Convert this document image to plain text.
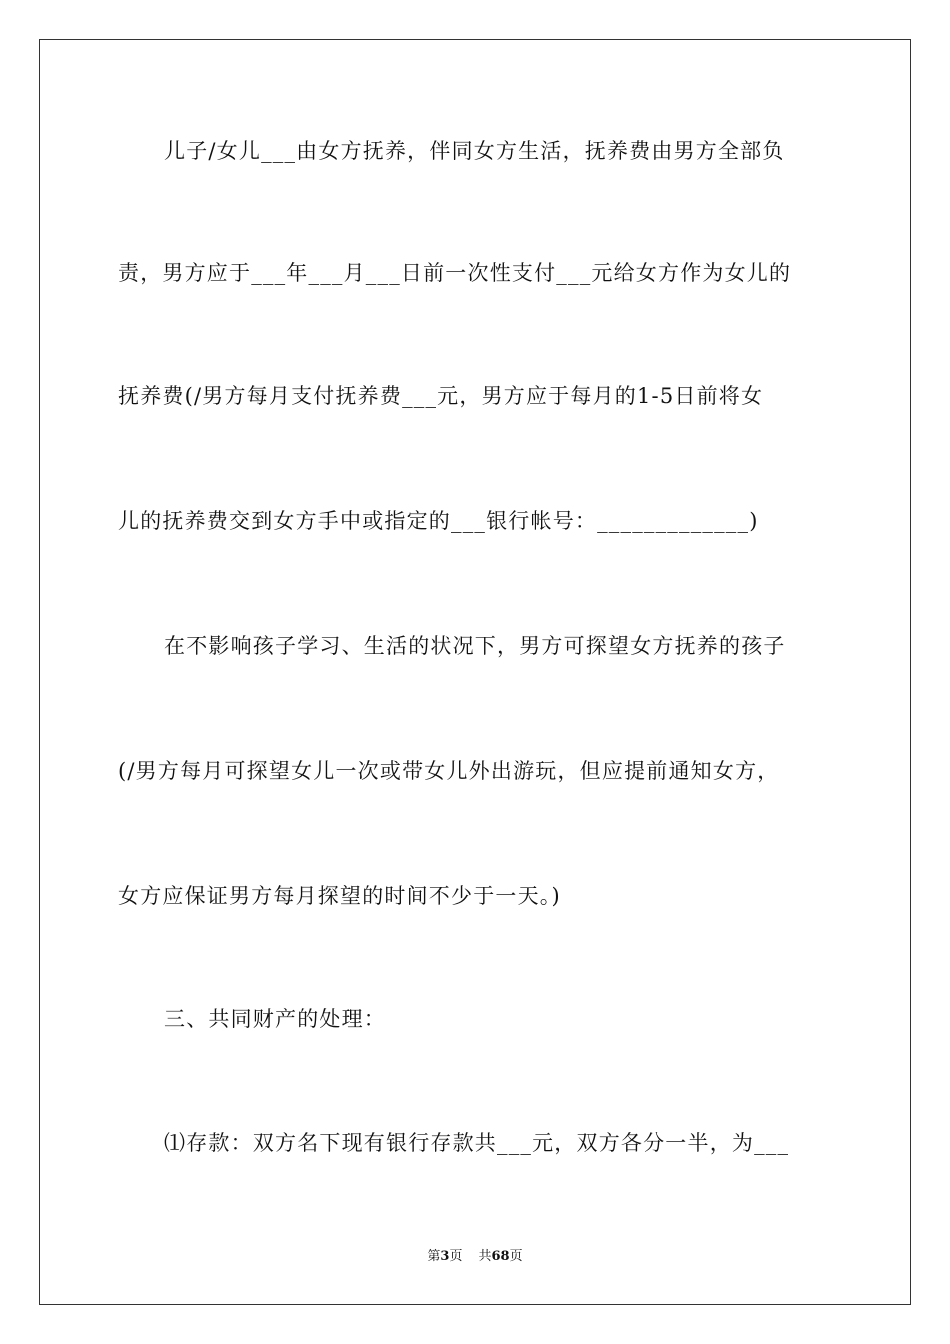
儿子/女儿___由女方抚养，伴同女方生活，抚养费由男方全部负
责，男方应于___年___月___日前一次性支付___元给女方作为女儿的
抚养费(/男方每月支付抚养费___元，男方应于每月的1-5日前将女
儿的抚养费交到女方手中或指定的___银行帐号：_____________)
在不影响孩子学习、生活的状况下，男方可探望女方抚养的孩子
(/男方每月可探望女儿一次或带女儿外出游玩，但应提前通知女方，
女方应保证男方每月探望的时间不少于一天。)
三、共同财产的处理：
⑴存款：双方名下现有银行存款共___元，双方各分一半，为___
第3页 共68页
